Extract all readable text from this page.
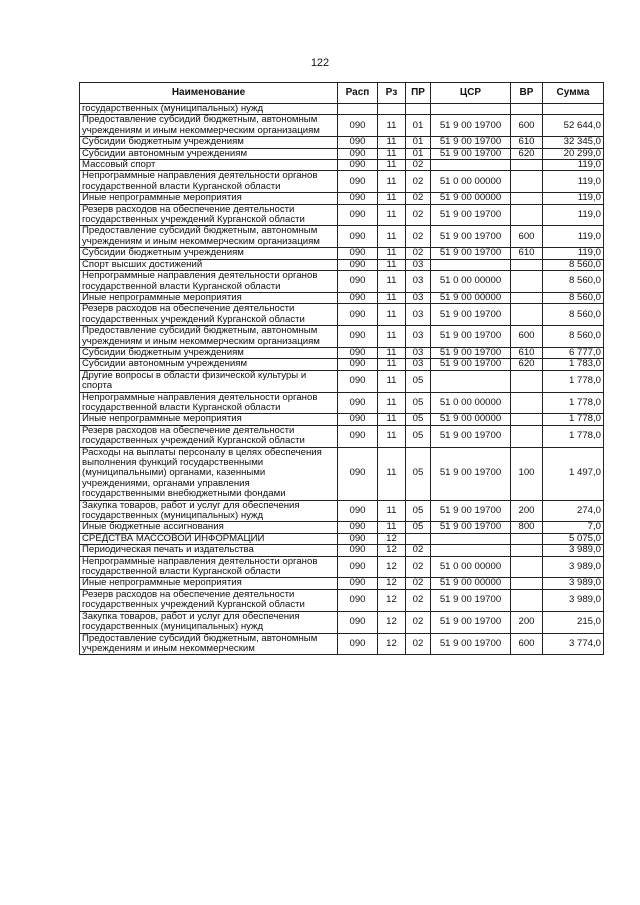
122
Наименование	Расп	Рз	ПР	ЦСР	ВР	Сумма
государственных (муниципальных) нужд						
Предоставление субсидий бюджетным, автономным учреждениям и иным некоммерческим организациям	090	11	01	51 9 00 19700	600	52 644,0
Субсидии бюджетным учреждениям	090	11	01	51 9 00 19700	610	32 345,0
Субсидии автономным учреждениям	090	11	01	51 9 00 19700	620	20 299,0
Массовый спорт	090	11	02			119,0
Непрограммные направления деятельности органов государственной власти Курганской области	090	11	02	51 0 00 00000		119,0
Иные непрограммные мероприятия	090	11	02	51 9 00 00000		119,0
Резерв расходов на обеспечение деятельности государственных учреждений Курганской области	090	11	02	51 9 00 19700		119,0
Предоставление субсидий бюджетным, автономным учреждениям и иным некоммерческим организациям	090	11	02	51 9 00 19700	600	119,0
Субсидии бюджетным учреждениям	090	11	02	51 9 00 19700	610	119,0
Спорт высших достижений	090	11	03			8 560,0
Непрограммные направления деятельности органов государственной власти Курганской области	090	11	03	51 0 00 00000		8 560,0
Иные непрограммные мероприятия	090	11	03	51 9 00 00000		8 560,0
Резерв расходов на обеспечение деятельности государственных учреждений Курганской области	090	11	03	51 9 00 19700		8 560,0
Предоставление субсидий бюджетным, автономным учреждениям и иным некоммерческим организациям	090	11	03	51 9 00 19700	600	8 560,0
Субсидии бюджетным учреждениям	090	11	03	51 9 00 19700	610	6 777,0
Субсидии автономным учреждениям	090	11	03	51 9 00 19700	620	1 783,0
Другие вопросы в области физической культуры и спорта	090	11	05			1 778,0
Непрограммные направления деятельности органов государственной власти Курганской области	090	11	05	51 0 00 00000		1 778,0
Иные непрограммные мероприятия	090	11	05	51 9 00 00000		1 778,0
Резерв расходов на обеспечение деятельности государственных учреждений Курганской области	090	11	05	51 9 00 19700		1 778,0
Расходы на выплаты персоналу в целях обеспечения выполнения функций государственными (муниципальными) органами, казенными учреждениями, органами управления государственными внебюджетными фондами	090	11	05	51 9 00 19700	100	1 497,0
Закупка товаров, работ и услуг для обеспечения государственных (муниципальных) нужд	090	11	05	51 9 00 19700	200	274,0
Иные бюджетные ассигнования	090	11	05	51 9 00 19700	800	7,0
СРЕДСТВА МАССОВОЙ ИНФОРМАЦИИ	090	12				5 075,0
Периодическая печать и издательства	090	12	02			3 989,0
Непрограммные направления деятельности органов государственной власти Курганской области	090	12	02	51 0 00 00000		3 989,0
Иные непрограммные мероприятия	090	12	02	51 9 00 00000		3 989,0
Резерв расходов на обеспечение деятельности государственных учреждений Курганской области	090	12	02	51 9 00 19700		3 989,0
Закупка товаров, работ и услуг для обеспечения государственных (муниципальных) нужд	090	12	02	51 9 00 19700	200	215,0
Предоставление субсидий бюджетным, автономным учреждениям и иным некоммерческим	090	12	02	51 9 00 19700	600	3 774,0
